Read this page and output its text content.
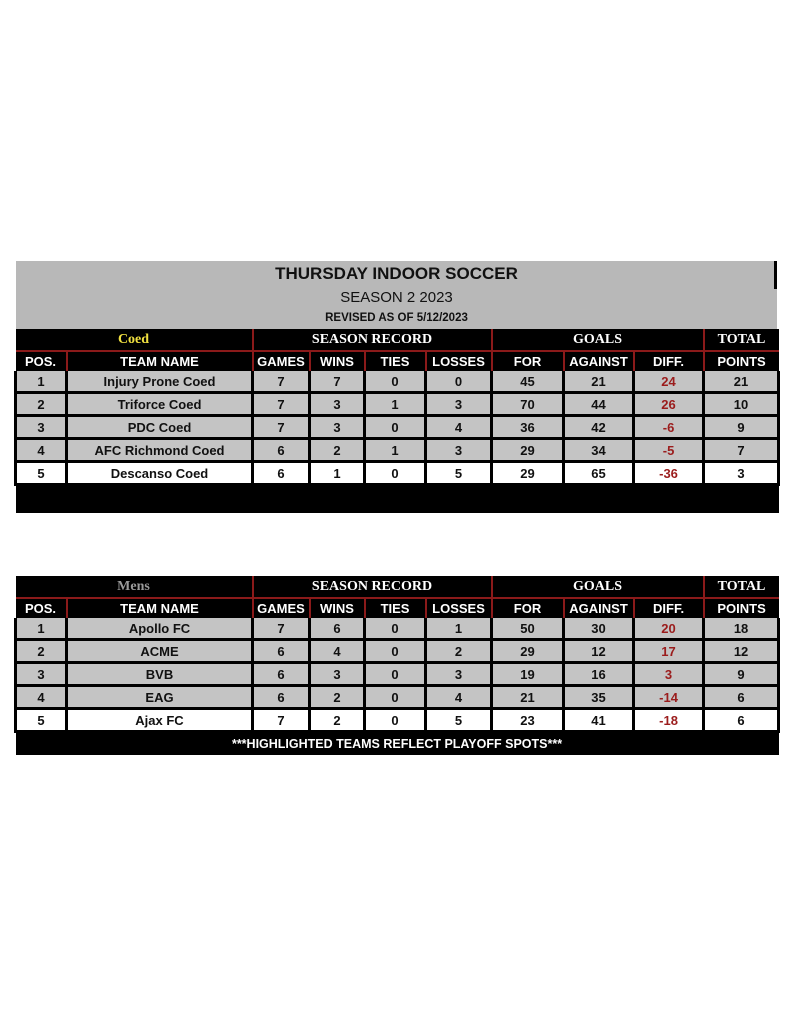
THURSDAY INDOOR SOCCER
SEASON 2 2023
REVISED AS OF 5/12/2023
Coed		SEASON RECORD				GOALS			TOTAL
POS.	TEAM NAME	GAMES	WINS	TIES	LOSSES	FOR	AGAINST	DIFF.	POINTS
1	Injury Prone Coed	7	7	0	0	45	21	24	21
2	Triforce Coed	7	3	1	3	70	44	26	10
3	PDC Coed	7	3	0	4	36	42	-6	9
4	AFC Richmond Coed	6	2	1	3	29	34	-5	7
5	Descanso Coed	6	1	0	5	29	65	-36	3

Mens		SEASON RECORD				GOALS			TOTAL
POS.	TEAM NAME	GAMES	WINS	TIES	LOSSES	FOR	AGAINST	DIFF.	POINTS
1	Apollo FC	7	6	0	1	50	30	20	18
2	ACME	6	4	0	2	29	12	17	12
3	BVB	6	3	0	3	19	16	3	9
4	EAG	6	2	0	4	21	35	-14	6
5	Ajax FC	7	2	0	5	23	41	-18	6
***HIGHLIGHTED TEAMS REFLECT PLAYOFF SPOTS***									
